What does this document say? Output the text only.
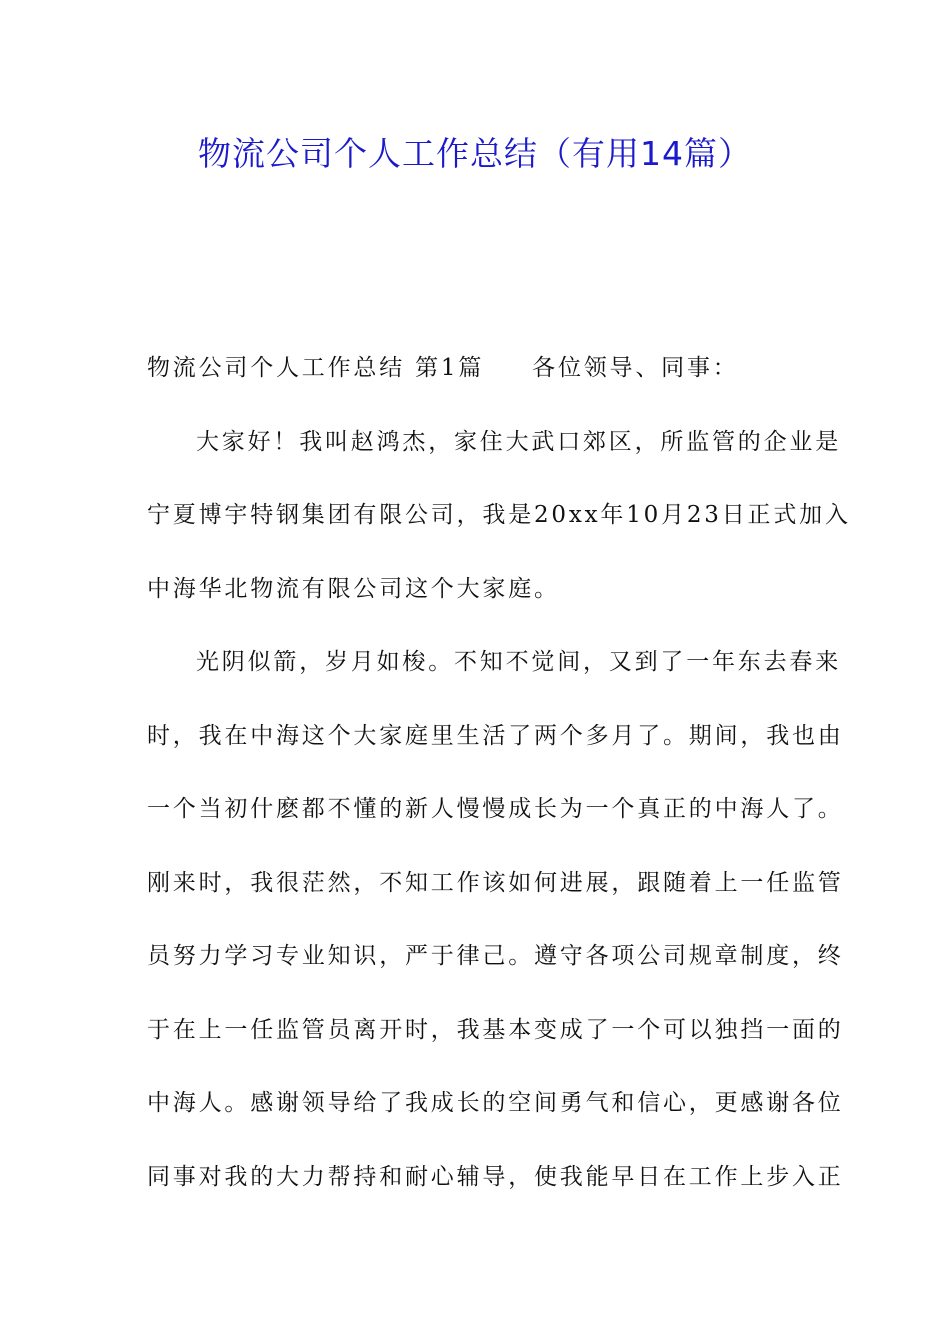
物流公司个人工作总结（有用14篇）

物流公司个人工作总结 第1篇 各位领导、同事：

大家好！我叫赵鸿杰，家住大武口郊区，所监管的企业是

宁夏博宇特钢集团有限公司，我是20xx年10月23日正式加入

中海华北物流有限公司这个大家庭。

光阴似箭，岁月如梭。不知不觉间，又到了一年东去春来

时，我在中海这个大家庭里生活了两个多月了。期间，我也由

一个当初什麽都不懂的新人慢慢成长为一个真正的中海人了。

刚来时，我很茫然，不知工作该如何进展，跟随着上一任监管

员努力学习专业知识，严于律己。遵守各项公司规章制度，终

于在上一任监管员离开时，我基本变成了一个可以独挡一面的

中海人。感谢领导给了我成长的空间勇气和信心，更感谢各位

同事对我的大力帮持和耐心辅导，使我能早日在工作上步入正
